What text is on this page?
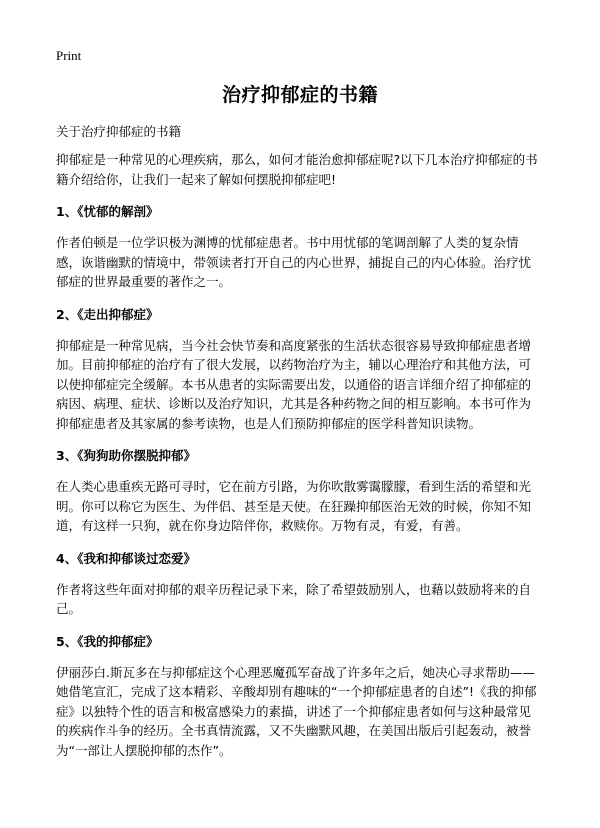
Print
治疗抑郁症的书籍
关于治疗抑郁症的书籍

抑郁症是一种常见的心理疾病，那么，如何才能治愈抑郁症呢?以下几本治疗抑郁症的书籍介绍给你，让我们一起来了解如何摆脱抑郁症吧!

1、《忧郁的解剖》

作者伯顿是一位学识极为渊博的忧郁症患者。书中用忧郁的笔调剖解了人类的复杂情感，诙谐幽默的情境中，带领读者打开自己的内心世界，捕捉自己的内心体验。治疗忧郁症的世界最重要的著作之一。

2、《走出抑郁症》

抑郁症是一种常见病，当今社会快节奏和高度紧张的生活状态很容易导致抑郁症患者增加。目前抑郁症的治疗有了很大发展，以药物治疗为主，辅以心理治疗和其他方法，可以使抑郁症完全缓解。本书从患者的实际需要出发，以通俗的语言详细介绍了抑郁症的病因、病理、症状、诊断以及治疗知识，尤其是各种药物之间的相互影响。本书可作为抑郁症患者及其家属的参考读物，也是人们预防抑郁症的医学科普知识读物。

3、《狗狗助你摆脱抑郁》

在人类心患重疾无路可寻时，它在前方引路，为你吹散雾霭朦朦，看到生活的希望和光明。你可以称它为医生、为伴侣、甚至是天使。在狂躁抑郁医治无效的时候，你知不知道，有这样一只狗，就在你身边陪伴你，救赎你。万物有灵，有爱，有善。

4、《我和抑郁谈过恋爱》

作者将这些年面对抑郁的艰辛历程记录下来，除了希望鼓励别人，也藉以鼓励将来的自己。

5、《我的抑郁症》

伊丽莎白.斯瓦多在与抑郁症这个心理恶魔孤军奋战了许多年之后，她决心寻求帮助——她借笔宣汇，完成了这本精彩、辛酸却别有趣味的“一个抑郁症患者的自述”!《我的抑郁症》以独特个性的语言和极富感染力的素描，讲述了一个抑郁症患者如何与这种最常见的疾病作斗争的经历。全书真情流露，又不失幽默风趣，在美国出版后引起轰动，被誉为“一部让人摆脱抑郁的杰作”。
